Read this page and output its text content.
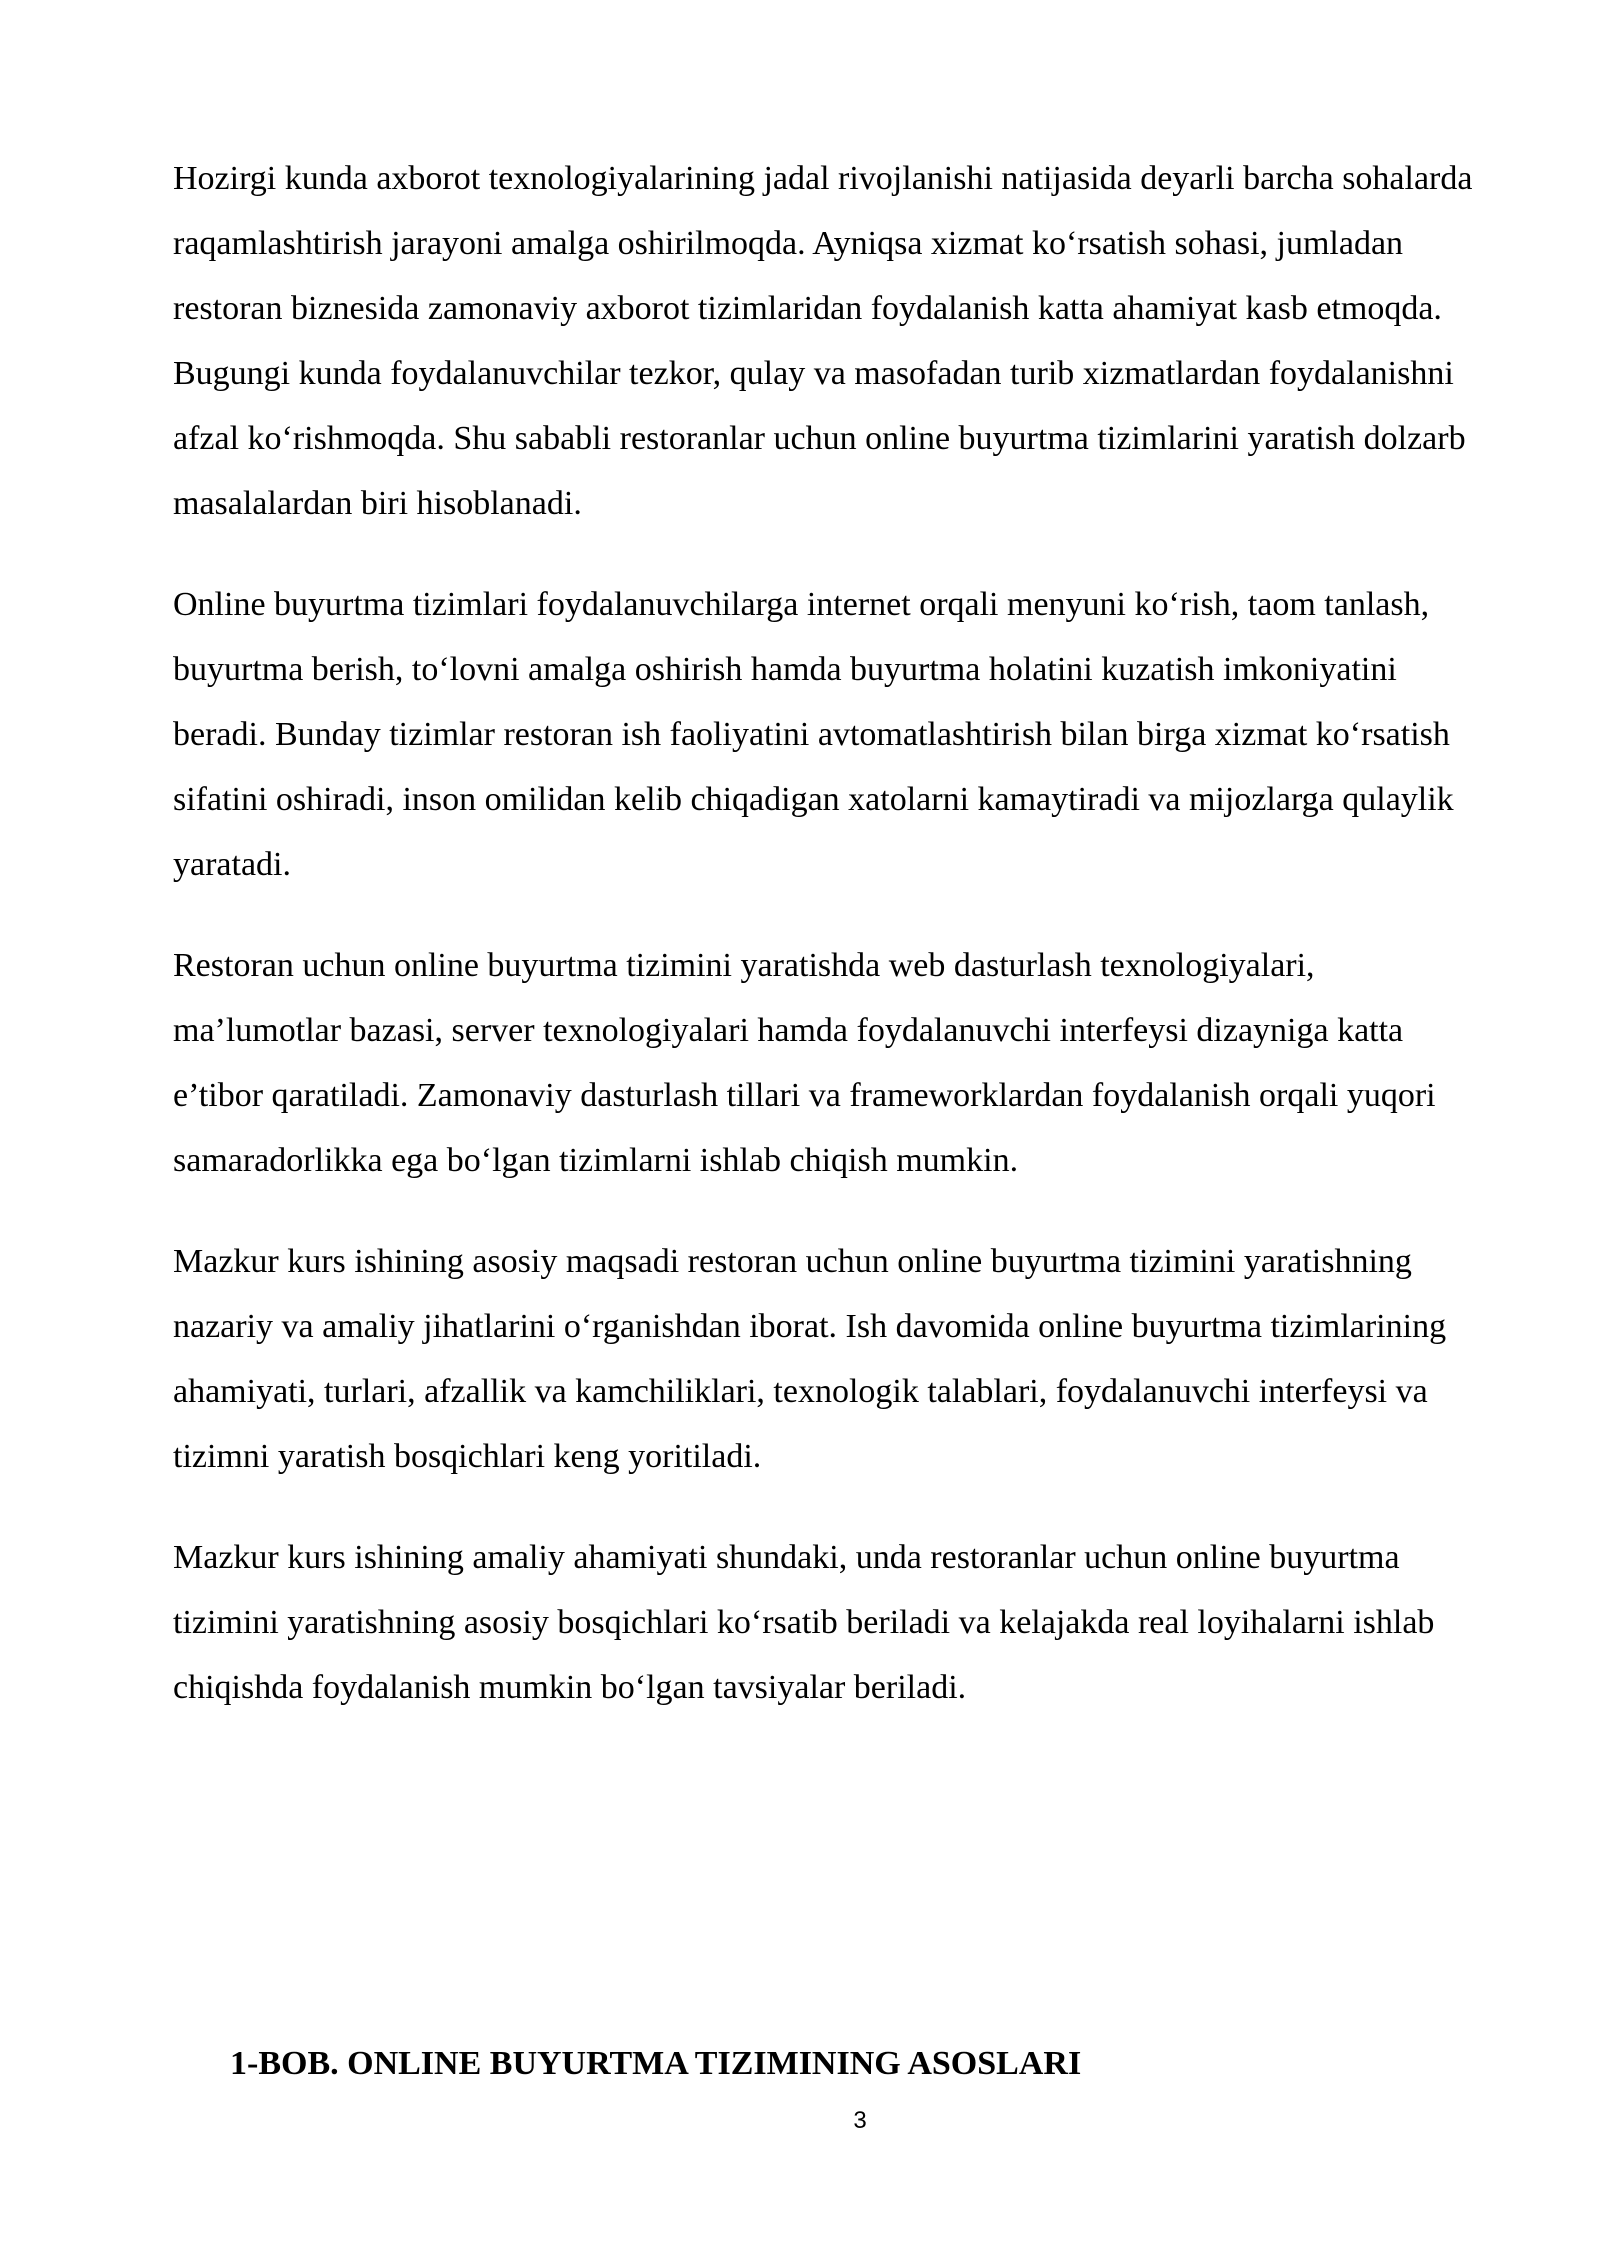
Hozirgi kunda axborot texnologiyalarining jadal rivojlanishi natijasida deyarli barcha sohalarda raqamlashtirish jarayoni amalga oshirilmoqda. Ayniqsa xizmat ko‘rsatish sohasi, jumladan restoran biznesida zamonaviy axborot tizimlaridan foydalanish katta ahamiyat kasb etmoqda. Bugungi kunda foydalanuvchilar tezkor, qulay va masofadan turib xizmatlardan foydalanishni afzal ko‘rishmoqda. Shu sababli restoranlar uchun online buyurtma tizimlarini yaratish dolzarb masalalardan biri hisoblanadi.

Online buyurtma tizimlari foydalanuvchilarga internet orqali menyuni ko‘rish, taom tanlash, buyurtma berish, to‘lovni amalga oshirish hamda buyurtma holatini kuzatish imkoniyatini beradi. Bunday tizimlar restoran ish faoliyatini avtomatlashtirish bilan birga xizmat ko‘rsatish sifatini oshiradi, inson omilidan kelib chiqadigan xatolarni kamaytiradi va mijozlarga qulaylik yaratadi.

Restoran uchun online buyurtma tizimini yaratishda web dasturlash texnologiyalari, ma’lumotlar bazasi, server texnologiyalari hamda foydalanuvchi interfeysi dizayniga katta e’tibor qaratiladi. Zamonaviy dasturlash tillari va frameworklardan foydalanish orqali yuqori samaradorlikka ega bo‘lgan tizimlarni ishlab chiqish mumkin.

Mazkur kurs ishining asosiy maqsadi restoran uchun online buyurtma tizimini yaratishning nazariy va amaliy jihatlarini o‘rganishdan iborat. Ish davomida online buyurtma tizimlarining ahamiyati, turlari, afzallik va kamchiliklari, texnologik talablari, foydalanuvchi interfeysi va tizimni yaratish bosqichlari keng yoritiladi.

Mazkur kurs ishining amaliy ahamiyati shundaki, unda restoranlar uchun online buyurtma tizimini yaratishning asosiy bosqichlari ko‘rsatib beriladi va kelajakda real loyihalarni ishlab chiqishda foydalanish mumkin bo‘lgan tavsiyalar beriladi.

1-BOB. ONLINE BUYURTMA TIZIMINING ASOSLARI
3
